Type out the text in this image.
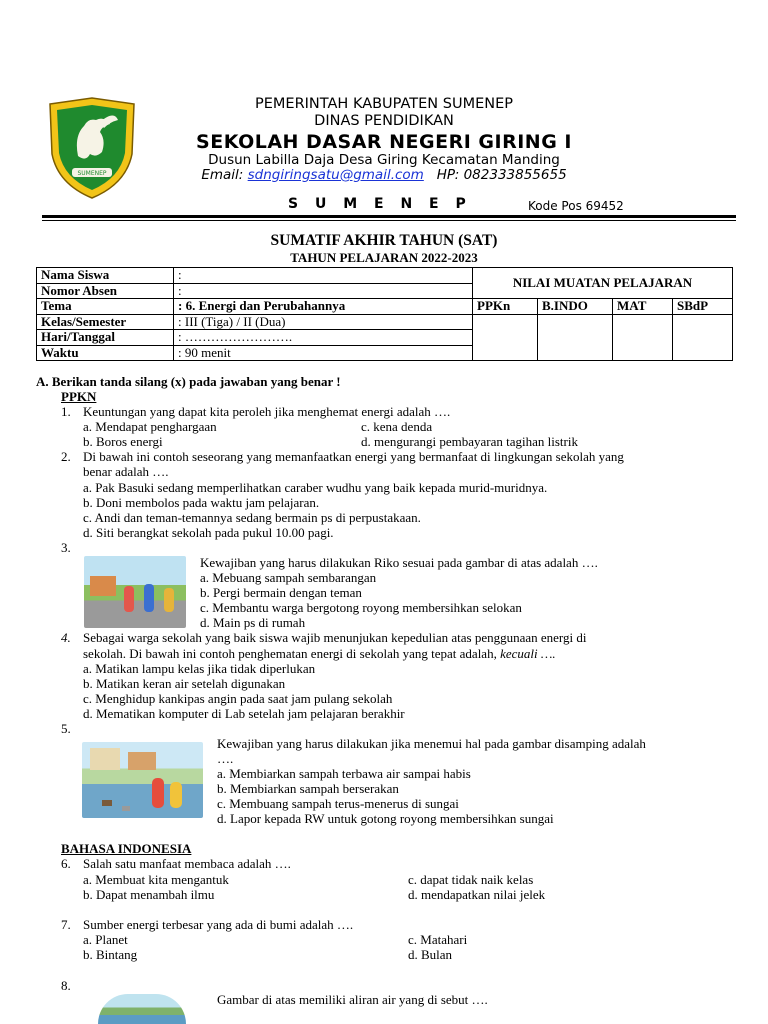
SUMENEP
PEMERINTAH KABUPATEN SUMENEP
DINAS PENDIDIKAN
SEKOLAH DASAR NEGERI GIRING I
Dusun Labilla Daja Desa Giring Kecamatan Manding
Email: sdngiringsatu@gmail.com HP: 082333855655
S U M E N E P	Kode Pos 69452
SUMATIF AKHIR TAHUN (SAT)
TAHUN PELAJARAN 2022-2023
Nama Siswa	:	NILAI MUATAN PELAJARAN			
Nomor Absen	:				
Tema	: 6. Energi dan Perubahannya	PPKn	B.INDO	MAT	SBdP
Kelas/Semester	: III (Tiga) / II (Dua)				
Hari/Tanggal	: …………………….				
Waktu	: 90 menit				
A. Berikan tanda silang (x) pada jawaban yang benar !
PPKN
1. Keuntungan yang dapat kita peroleh jika menghemat energi adalah ….
a. Mendapat penghargaan	c. kena denda
b. Boros energi	d. mengurangi pembayaran tagihan listrik
2. Di bawah ini contoh seseorang yang memanfaatkan energi yang bermanfaat di lingkungan sekolah yang
benar adalah ….
a. Pak Basuki sedang memperlihatkan caraber wudhu yang baik kepada murid-muridnya.
b. Doni membolos pada waktu jam pelajaran.
c. Andi dan teman-temannya sedang bermain ps di perpustakaan.
d. Siti berangkat sekolah pada pukul 10.00 pagi.
3.
Kewajiban yang harus dilakukan Riko sesuai pada gambar di atas adalah ….
a. Mebuang sampah sembarangan
b. Pergi bermain dengan teman
c. Membantu warga bergotong royong membersihkan selokan
d. Main ps di rumah
4. Sebagai warga sekolah yang baik siswa wajib menunjukan kepedulian atas penggunaan energi di
sekolah. Di bawah ini contoh penghematan energi di sekolah yang tepat adalah, kecuali ….
a. Matikan lampu kelas jika tidak diperlukan
b. Matikan keran air setelah digunakan
c. Menghidup kankipas angin pada saat jam pulang sekolah
d. Mematikan komputer di Lab setelah jam pelajaran berakhir
5.
Kewajiban yang harus dilakukan jika menemui hal pada gambar disamping adalah
….
a. Membiarkan sampah terbawa air sampai habis
b. Membiarkan sampah berserakan
c. Membuang sampah terus-menerus di sungai
d. Lapor kepada RW untuk gotong royong membersihkan sungai
BAHASA INDONESIA
6. Salah satu manfaat membaca adalah ….
a. Membuat kita mengantuk	c. dapat tidak naik kelas
b. Dapat menambah ilmu	d. mendapatkan nilai jelek
7. Sumber energi terbesar yang ada di bumi adalah ….
a. Planet	c. Matahari
b. Bintang	d. Bulan
8.
Gambar di atas memiliki aliran air yang di sebut ….
